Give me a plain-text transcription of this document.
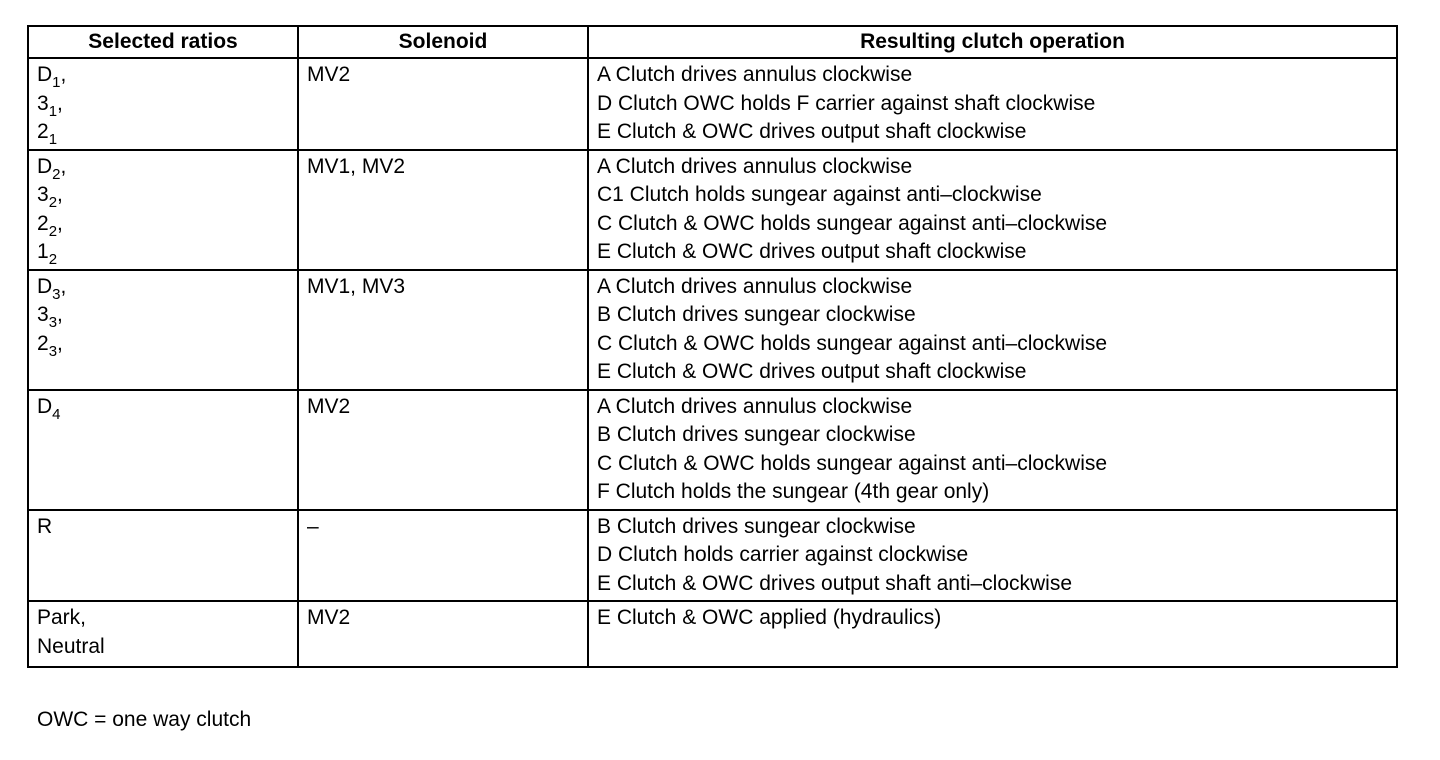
Selected ratios	Solenoid	Resulting clutch operation

$D_1$,
$3_1$,
$2_1$	MV2	A Clutch drives annulus clockwise
D Clutch OWC holds F carrier against shaft clockwise
E Clutch & OWC drives output shaft clockwise

$D_2$,
$3_2$,
$2_2$,
$1_2$	MV1, MV2	A Clutch drives annulus clockwise
C1 Clutch holds sungear against anti–clockwise
C Clutch & OWC holds sungear against anti–clockwise
E Clutch & OWC drives output shaft clockwise

$D_3$,
$3_3$,
$2_3$,	MV1, MV3	A Clutch drives annulus clockwise
B Clutch drives sungear clockwise
C Clutch & OWC holds sungear against anti–clockwise
E Clutch & OWC drives output shaft clockwise

$D_4$	MV2	A Clutch drives annulus clockwise
B Clutch drives sungear clockwise
C Clutch & OWC holds sungear against anti–clockwise
F Clutch holds the sungear (4th gear only)

R	–	B Clutch drives sungear clockwise
D Clutch holds carrier against clockwise
E Clutch & OWC drives output shaft anti–clockwise

Park,
Neutral	MV2	E Clutch & OWC applied (hydraulics)
OWC = one way clutch
